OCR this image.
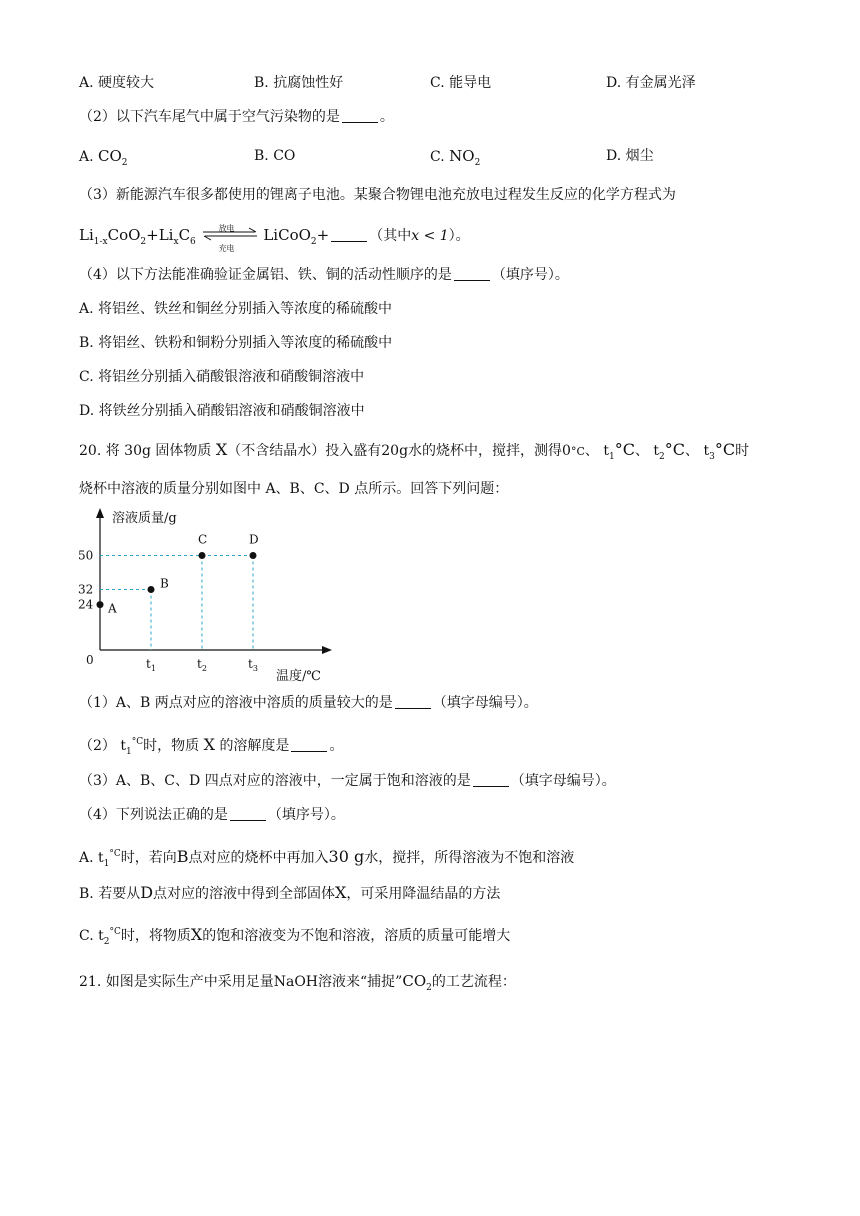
A. 硬度较大	B. 抗腐蚀性好	C. 能导电	D. 有金属光泽
（2）以下汽车尾气中属于空气污染物的是	。
A. $CO_2$	B. CO	C. $NO_2$	D. 烟尘
（3）新能源汽车很多都使用的锂离子电池。某聚合物锂电池充放电过程发生反应的化学方程式为
$Li_{1-x}CoO_2+Li_xC_6$
放电
充电
LiCoO$_2$+	（其中x < 1）。
（4）以下方法能准确验证金属铝、铁、铜的活动性顺序的是	（填序号）。
A. 将铝丝、铁丝和铜丝分别插入等浓度的稀硫酸中
B. 将铝丝、铁粉和铜粉分别插入等浓度的稀硫酸中
C. 将铝丝分别插入硝酸银溶液和硝酸铜溶液中
D. 将铁丝分别插入硝酸铝溶液和硝酸铜溶液中
20. 将 30g 固体物质 X（不含结晶水）投入盛有20g水的烧杯中，搅拌，测得0°C、 $t_1^\circ C$、 $t_2^\circ C$、 $t_3^\circ C$时
烧杯中溶液的质量分别如图中 A、B、C、D 点所示。回答下列问题：
溶液质量/g
温度/℃
0
24
32
50
$t_1$	$t_2$	$t_3$
A
B
C	D
（1）A、B 两点对应的溶液中溶质的质量较大的是	（填字母编号）。
（2） $t_1^{^\circ C}$时，物质 X 的溶解度是	。
（3）A、B、C、D 四点对应的溶液中，一定属于饱和溶液的是	（填字母编号）。
（4）下列说法正确的是	（填序号）。
A. $t_1^{^\circ C}$时，若向B点对应的烧杯中再加入30 g水，搅拌，所得溶液为不饱和溶液
B. 若要从D点对应的溶液中得到全部固体X，可采用降温结晶的方法
C. $t_2^{^\circ C}$时，将物质X的饱和溶液变为不饱和溶液，溶质的质量可能增大
21. 如图是实际生产中采用足量NaOH溶液来“捕捉$”CO_2$的工艺流程：
